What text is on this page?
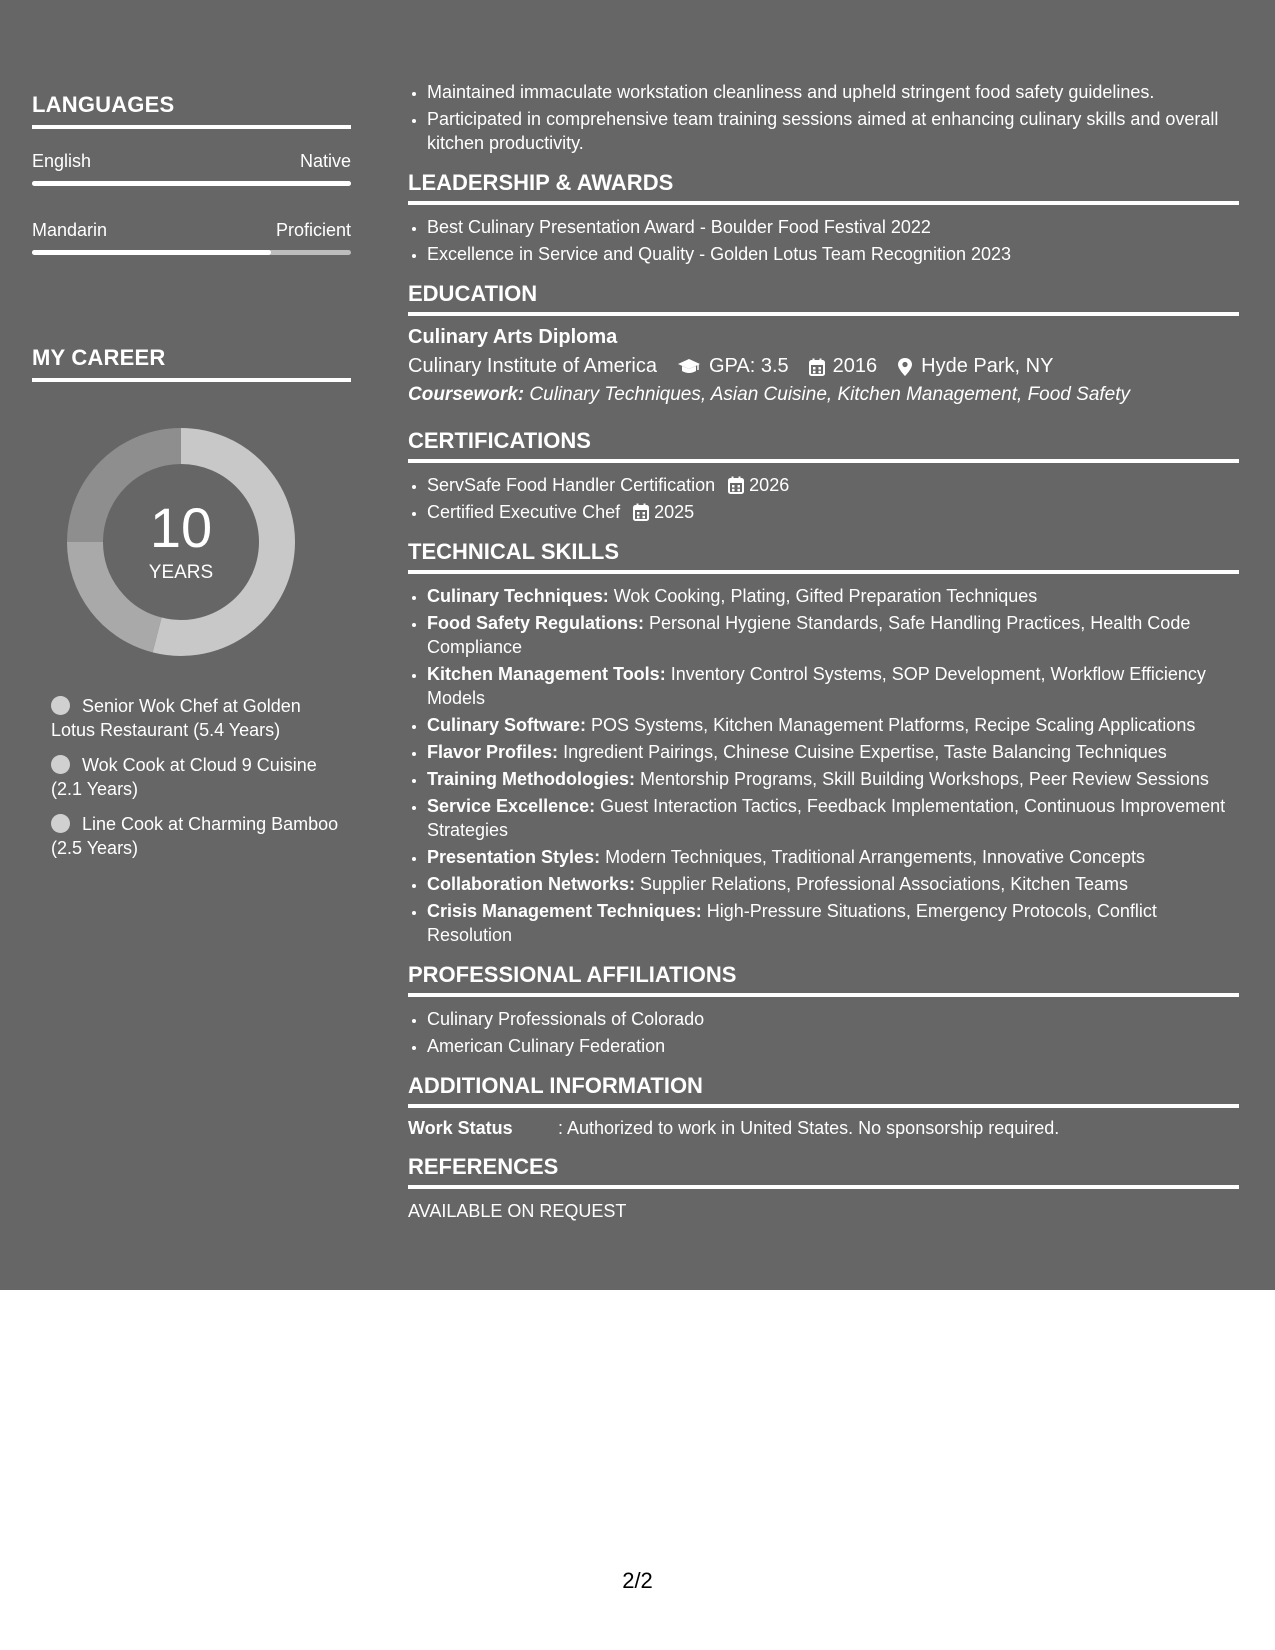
LANGUAGES
English	Native
Mandarin	Proficient
MY CAREER
10
YEARS
Senior Wok Chef at Golden Lotus Restaurant (5.4 Years)
Wok Cook at Cloud 9 Cuisine (2.1 Years)
Line Cook at Charming Bamboo (2.5 Years)
• Maintained immaculate workstation cleanliness and upheld stringent food safety guidelines.
• Participated in comprehensive team training sessions aimed at enhancing culinary skills and overall kitchen productivity.
LEADERSHIP & AWARDS
• Best Culinary Presentation Award - Boulder Food Festival 2022
• Excellence in Service and Quality - Golden Lotus Team Recognition 2023
EDUCATION
Culinary Arts Diploma
Culinary Institute of America	GPA: 3.5 2016 Hyde Park, NY
Coursework: Culinary Techniques, Asian Cuisine, Kitchen Management, Food Safety
CERTIFICATIONS
• ServSafe Food Handler Certification 2026
• Certified Executive Chef 2025
TECHNICAL SKILLS
• Culinary Techniques: Wok Cooking, Plating, Gifted Preparation Techniques
• Food Safety Regulations: Personal Hygiene Standards, Safe Handling Practices, Health Code Compliance
• Kitchen Management Tools: Inventory Control Systems, SOP Development, Workflow Efficiency Models
• Culinary Software: POS Systems, Kitchen Management Platforms, Recipe Scaling Applications
• Flavor Profiles: Ingredient Pairings, Chinese Cuisine Expertise, Taste Balancing Techniques
• Training Methodologies: Mentorship Programs, Skill Building Workshops, Peer Review Sessions
• Service Excellence: Guest Interaction Tactics, Feedback Implementation, Continuous Improvement Strategies
• Presentation Styles: Modern Techniques, Traditional Arrangements, Innovative Concepts
• Collaboration Networks: Supplier Relations, Professional Associations, Kitchen Teams
• Crisis Management Techniques: High-Pressure Situations, Emergency Protocols, Conflict Resolution
PROFESSIONAL AFFILIATIONS
• Culinary Professionals of Colorado
• American Culinary Federation
ADDITIONAL INFORMATION
Work Status	: Authorized to work in United States. No sponsorship required.
REFERENCES
AVAILABLE ON REQUEST
2/2
